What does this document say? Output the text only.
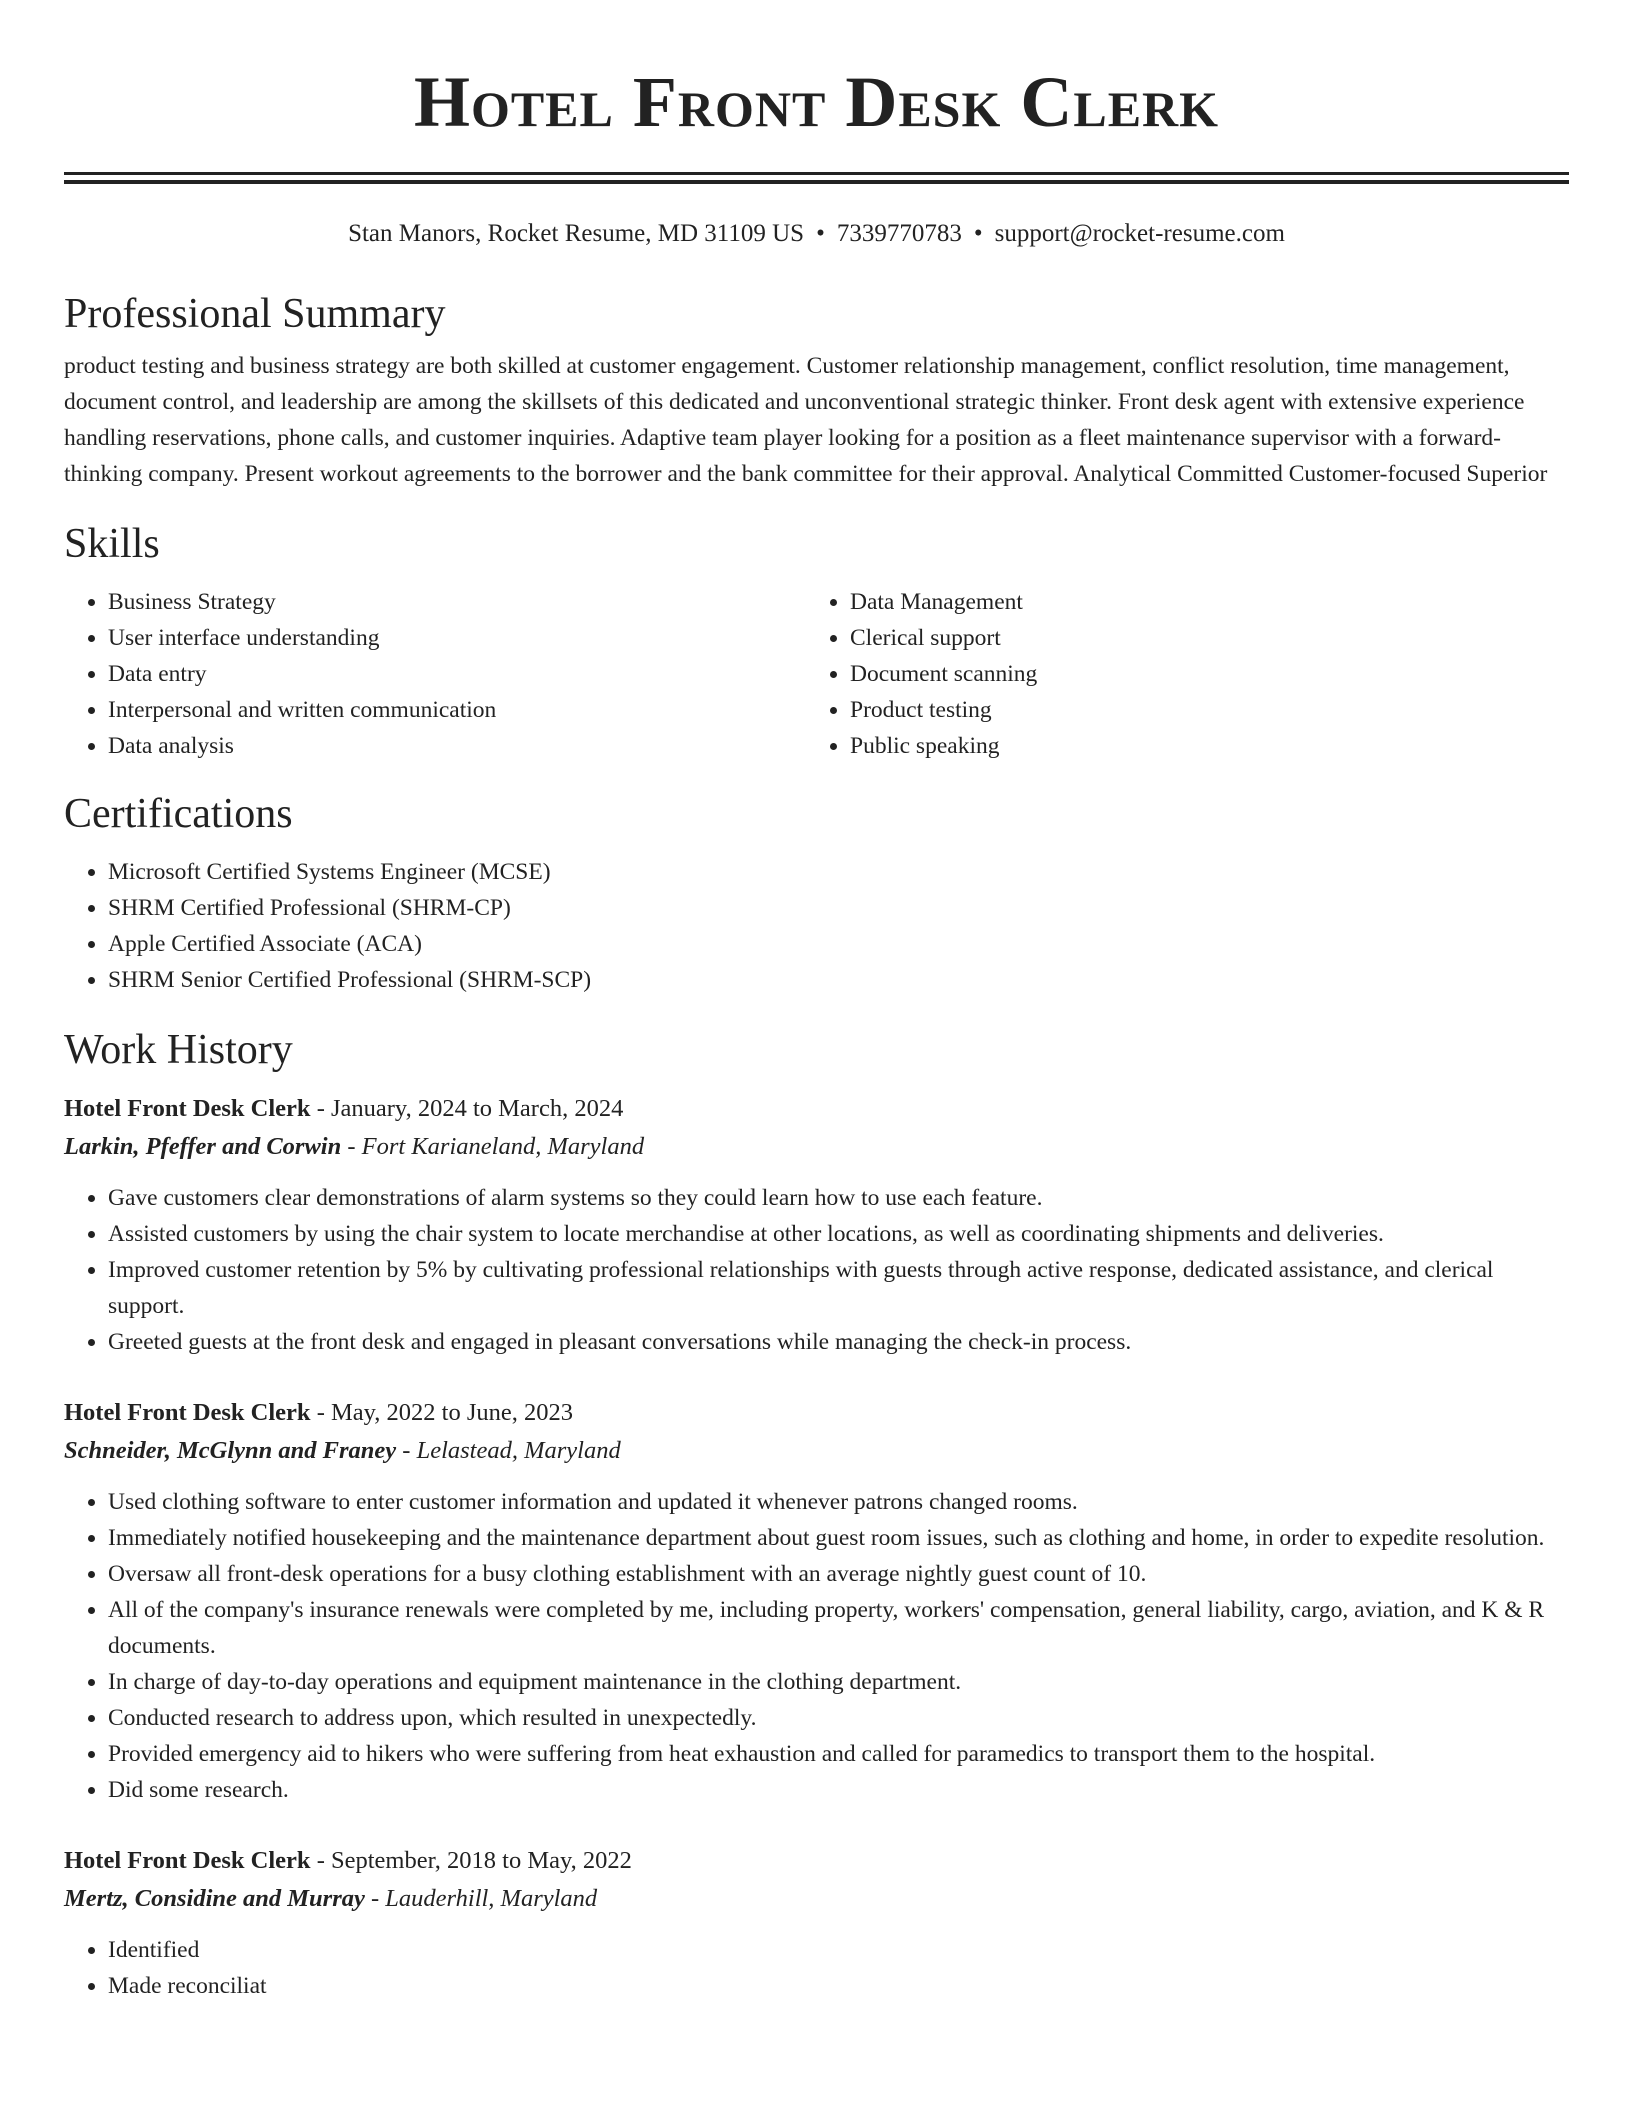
Hotel Front Desk Clerk
Stan Manors, Rocket Resume, MD 31109 US • 7339770783 • support@rocket-resume.com
Professional Summary

product testing and business strategy are both skilled at customer engagement. Customer relationship management, conflict resolution, time management, document control, and leadership are among the skillsets of this dedicated and unconventional strategic thinker. Front desk agent with extensive experience handling reservations, phone calls, and customer inquiries. Adaptive team player looking for a position as a fleet maintenance supervisor with a forward-thinking company. Present workout agreements to the borrower and the bank committee for their approval. Analytical Committed Customer-focused Superior

Skills
• Business Strategy
• User interface understanding
• Data entry
• Interpersonal and written communication
• Data analysis
• Data Management
• Clerical support
• Document scanning
• Product testing
• Public speaking
Certifications
• Microsoft Certified Systems Engineer (MCSE)
• SHRM Certified Professional (SHRM-CP)
• Apple Certified Associate (ACA)
• SHRM Senior Certified Professional (SHRM-SCP)
Work History
Hotel Front Desk Clerk - January, 2024 to March, 2024
Larkin, Pfeffer and Corwin - Fort Karianeland, Maryland
• Gave customers clear demonstrations of alarm systems so they could learn how to use each feature.
• Assisted customers by using the chair system to locate merchandise at other locations, as well as coordinating shipments and deliveries.
• Improved customer retention by 5% by cultivating professional relationships with guests through active response, dedicated assistance, and clerical support.
• Greeted guests at the front desk and engaged in pleasant conversations while managing the check-in process.
Hotel Front Desk Clerk - May, 2022 to June, 2023
Schneider, McGlynn and Franey - Lelastead, Maryland
• Used clothing software to enter customer information and updated it whenever patrons changed rooms.
• Immediately notified housekeeping and the maintenance department about guest room issues, such as clothing and home, in order to expedite resolution.
• Oversaw all front-desk operations for a busy clothing establishment with an average nightly guest count of 10.
• All of the company's insurance renewals were completed by me, including property, workers' compensation, general liability, cargo, aviation, and K & R documents.
• In charge of day-to-day operations and equipment maintenance in the clothing department.
• Conducted research to address upon, which resulted in unexpectedly.
• Provided emergency aid to hikers who were suffering from heat exhaustion and called for paramedics to transport them to the hospital.
• Did some research.
Hotel Front Desk Clerk - September, 2018 to May, 2022
Mertz, Considine and Murray - Lauderhill, Maryland
• Identified
• Made reconciliat
